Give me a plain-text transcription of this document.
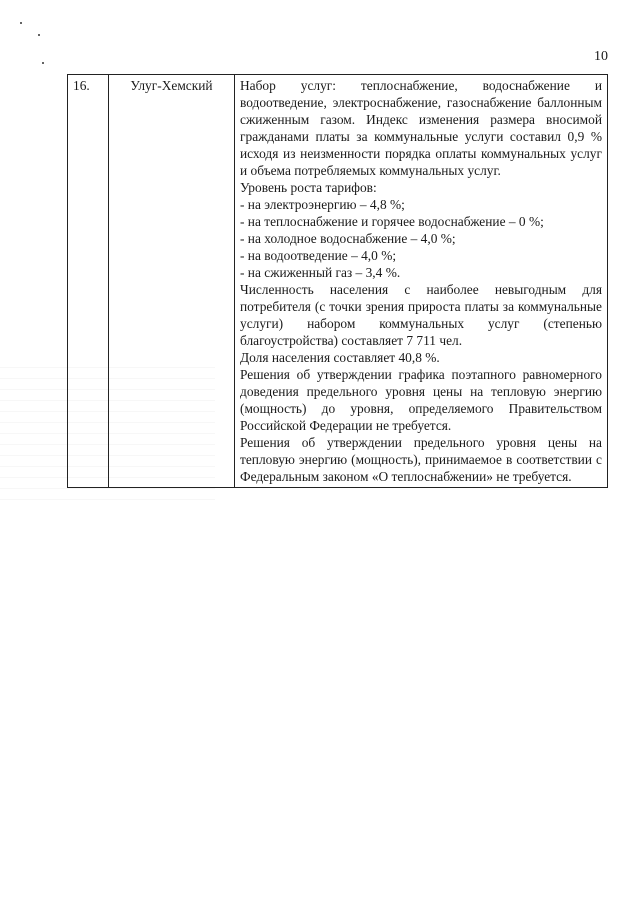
10
16.	Улуг-Хемский	Набор услуг: теплоснабжение, водоснабжение и водоотведение, электроснабжение, газоснабжение баллонным сжиженным газом. Индекс изменения размера вносимой гражданами платы за коммунальные услуги составил 0,9 % исходя из неизменности порядка оплаты коммунальных услуг и объема потребляемых коммунальных услуг.

Уровень роста тарифов:

- на электроэнергию – 4,8 %;

- на теплоснабжение и горячее водоснабжение – 0 %;

- на холодное водоснабжение – 4,0 %;

- на водоотведение – 4,0 %;

- на сжиженный газ – 3,4 %.

Численность населения с наиболее невыгодным для потребителя (с точки зрения прироста платы за коммунальные услуги) набором коммунальных услуг (степенью благоустройства) составляет 7 711 чел.

Доля населения составляет 40,8 %.

Решения об утверждении графика поэтапного равномерного доведения предельного уровня цены на тепловую энергию (мощность) до уровня, определяемого Правительством Российской Федерации не требуется.

Решения об утверждении предельного уровня цены на тепловую энергию (мощность), принимаемое в соответствии с Федеральным законом «О теплоснабжении» не требуется.
